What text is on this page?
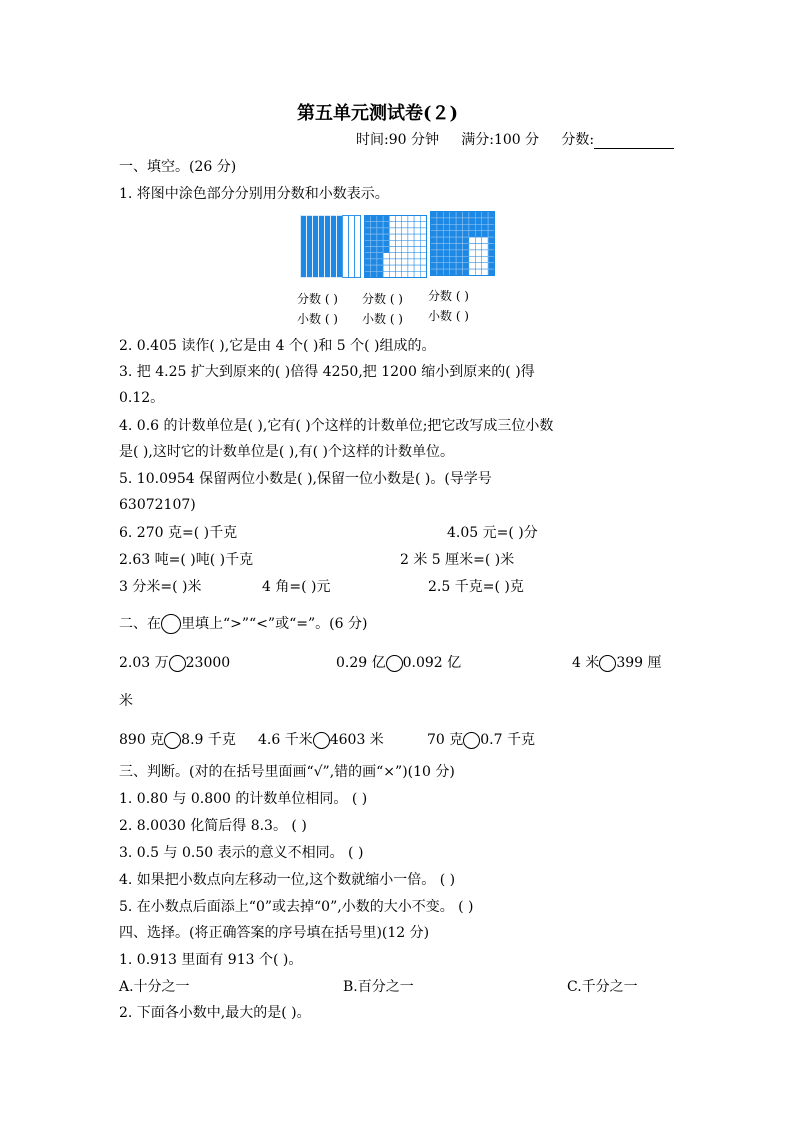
第五单元测试卷(２)
时间:90 分钟 满分:100 分 分数:
一、填空。(26 分)
1. 将图中涂色部分分别用分数和小数表示。
分数 ( )
小数 ( )
分数 ( )
小数 ( )
分数 ( )
小数 ( )
2. 0.405 读作( ),它是由 4 个( )和 5 个( )组成的。
3. 把 4.25 扩大到原来的( )倍得 4250,把 1200 缩小到原来的( )得
0.12。
4. 0.6 的计数单位是( ),它有( )个这样的计数单位;把它改写成三位小数
是( ),这时它的计数单位是( ),有( )个这样的计数单位。
5. 10.0954 保留两位小数是( ),保留一位小数是( )。(导学号
63072107)
6. 270 克=( )千克	4.05 元=( )分
2.63 吨=( )吨( )千克	2 米 5 厘米=( )米
3 分米=( )米	4 角=( )元	2.5 千克=( )克
二、在 里填上“>”“<”或“=”。(6 分)
2.03 万 23000	0.29 亿 0.092 亿	4 米 399 厘
米
890 克 8.9 千克 4.6 千米 4603 米	70 克 0.7 千克
三、判断。(对的在括号里面画“√”,错的画“×”)(10 分)
1. 0.80 与 0.800 的计数单位相同。 ( )
2. 8.0030 化简后得 8.3。 ( )
3. 0.5 与 0.50 表示的意义不相同。 ( )
4. 如果把小数点向左移动一位,这个数就缩小一倍。 ( )
5. 在小数点后面添上“0”或去掉“0”,小数的大小不变。 ( )
四、选择。(将正确答案的序号填在括号里)(12 分)
1. 0.913 里面有 913 个( )。
A.十分之一	B.百分之一	C.千分之一
2. 下面各小数中,最大的是( )。
